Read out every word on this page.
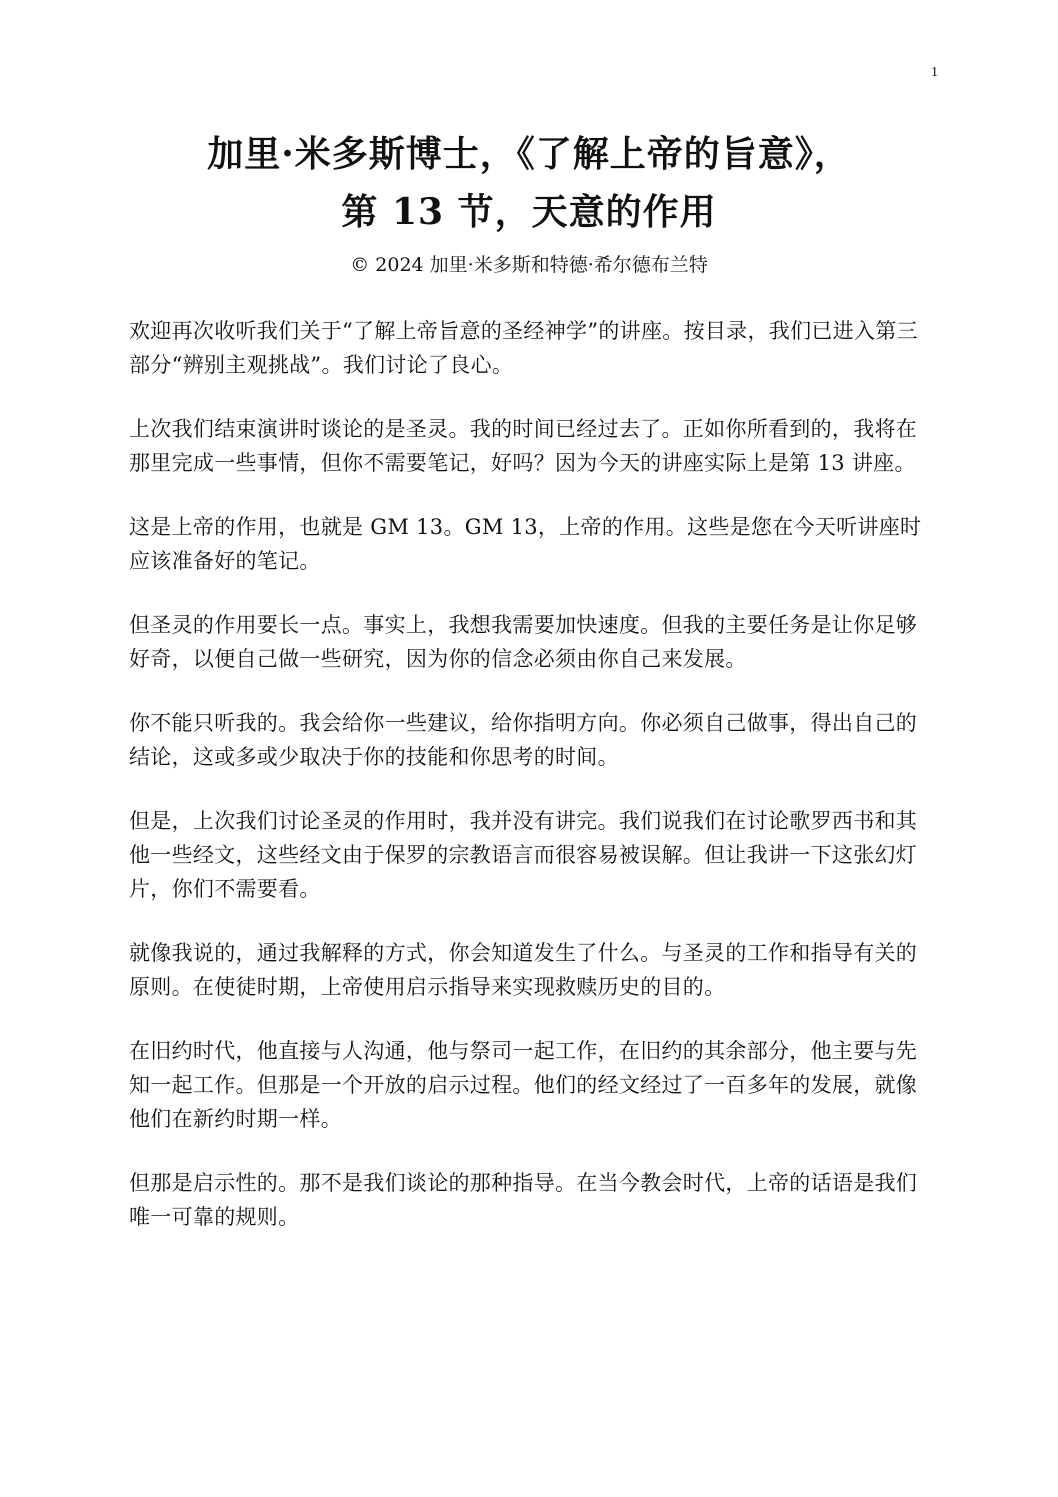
1
加里·米多斯博士，《了解上帝的旨意》，
第 13 节，天意的作用
© 2024 加里·米多斯和特德·希尔德布兰特

欢迎再次收听我们关于“了解上帝旨意的圣经神学”的讲座。按目录，我们已进入第三部分“辨别主观挑战”。我们讨论了良心。

上次我们结束演讲时谈论的是圣灵。我的时间已经过去了。正如你所看到的，我将在那里完成一些事情，但你不需要笔记，好吗？因为今天的讲座实际上是第 13 讲座。

这是上帝的作用，也就是 GM 13。GM 13，上帝的作用。这些是您在今天听讲座时应该准备好的笔记。

但圣灵的作用要长一点。事实上，我想我需要加快速度。但我的主要任务是让你足够好奇，以便自己做一些研究，因为你的信念必须由你自己来发展。

你不能只听我的。我会给你一些建议，给你指明方向。你必须自己做事，得出自己的结论，这或多或少取决于你的技能和你思考的时间。

但是，上次我们讨论圣灵的作用时，我并没有讲完。我们说我们在讨论歌罗西书和其他一些经文，这些经文由于保罗的宗教语言而很容易被误解。但让我讲一下这张幻灯片，你们不需要看。

就像我说的，通过我解释的方式，你会知道发生了什么。与圣灵的工作和指导有关的原则。在使徒时期，上帝使用启示指导来实现救赎历史的目的。

在旧约时代，他直接与人沟通，他与祭司一起工作，在旧约的其余部分，他主要与先知一起工作。但那是一个开放的启示过程。他们的经文经过了一百多年的发展，就像他们在新约时期一样。

但那是启示性的。那不是我们谈论的那种指导。在当今教会时代，上帝的话语是我们唯一可靠的规则。
